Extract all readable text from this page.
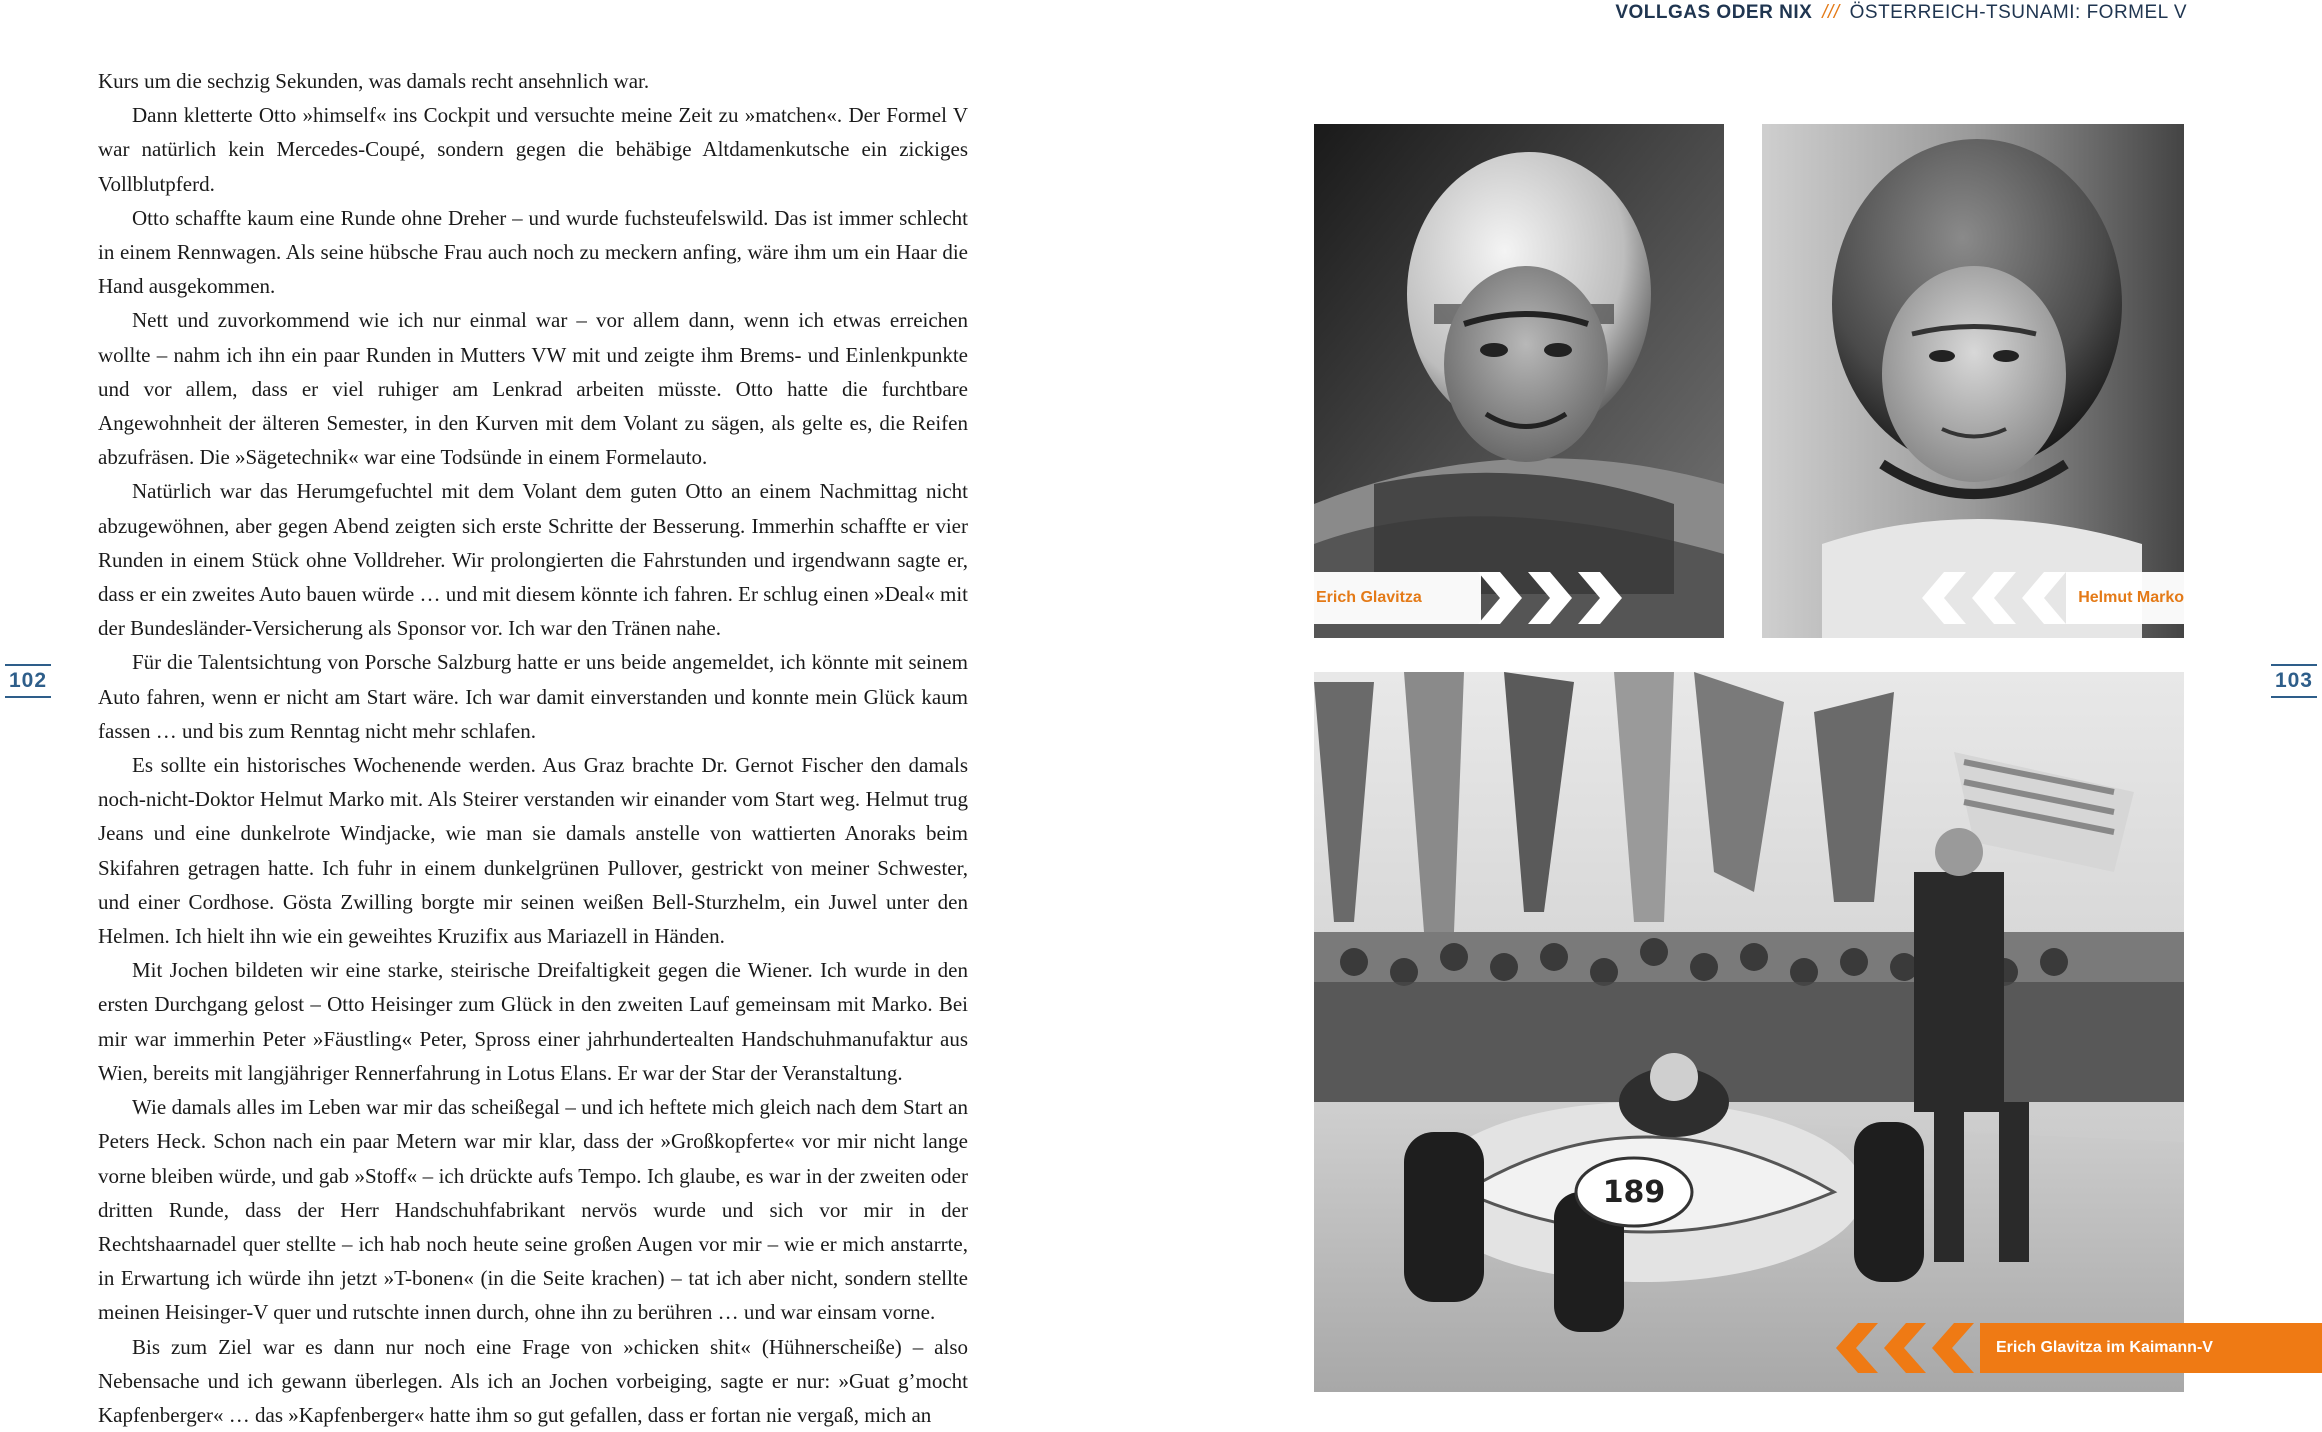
VOLLGAS ODER NIX /// ÖSTERREICH-TSUNAMI: FORMEL V
102	103

Kurs um die sechzig Sekunden, was damals recht ansehnlich war.

Dann kletterte Otto »himself« ins Cockpit und versuchte meine Zeit zu »matchen«. Der Formel V war natürlich kein Mercedes-Coupé, sondern gegen die behäbige Altdamenkutsche ein zickiges Vollblutpferd.

Otto schaffte kaum eine Runde ohne Dreher – und wurde fuchsteufelswild. Das ist immer schlecht in einem Rennwagen. Als seine hübsche Frau auch noch zu meckern anfing, wäre ihm um ein Haar die Hand ausgekommen.

Nett und zuvorkommend wie ich nur einmal war – vor allem dann, wenn ich etwas erreichen wollte – nahm ich ihn ein paar Runden in Mutters VW mit und zeigte ihm Brems- und Einlenkpunkte und vor allem, dass er viel ruhiger am Lenkrad arbeiten müsste. Otto hatte die furchtbare Angewohnheit der älteren Semester, in den Kurven mit dem Volant zu sägen, als gelte es, die Reifen abzufräsen. Die »Sägetechnik« war eine Todsünde in einem Formelauto.

Natürlich war das Herumgefuchtel mit dem Volant dem guten Otto an einem Nachmittag nicht abzugewöhnen, aber gegen Abend zeigten sich erste Schritte der Besserung. Immerhin schaffte er vier Runden in einem Stück ohne Volldreher. Wir prolongierten die Fahrstunden und irgendwann sagte er, dass er ein zweites Auto bauen würde … und mit diesem könnte ich fahren. Er schlug einen »Deal« mit der Bundesländer-Versicherung als Sponsor vor. Ich war den Tränen nahe.

Für die Talentsichtung von Porsche Salzburg hatte er uns beide angemeldet, ich könnte mit seinem Auto fahren, wenn er nicht am Start wäre. Ich war damit einverstanden und konnte mein Glück kaum fassen … und bis zum Renntag nicht mehr schlafen.

Es sollte ein historisches Wochenende werden. Aus Graz brachte Dr. Gernot Fischer den damals noch-nicht-Doktor Helmut Marko mit. Als Steirer verstanden wir einander vom Start weg. Helmut trug Jeans und eine dunkelrote Windjacke, wie man sie damals anstelle von wattierten Anoraks beim Skifahren getragen hatte. Ich fuhr in einem dunkelgrünen Pullover, gestrickt von meiner Schwester, und einer Cordhose. Gösta Zwilling borgte mir seinen weißen Bell-Sturzhelm, ein Juwel unter den Helmen. Ich hielt ihn wie ein geweihtes Kruzifix aus Mariazell in Händen.

Mit Jochen bildeten wir eine starke, steirische Dreifaltigkeit gegen die Wiener. Ich wurde in den ersten Durchgang gelost – Otto Heisinger zum Glück in den zweiten Lauf gemeinsam mit Marko. Bei mir war immerhin Peter »Fäustling« Peter, Spross einer jahrhundertealten Handschuhmanufaktur aus Wien, bereits mit langjähriger Rennerfahrung in Lotus Elans. Er war der Star der Veranstaltung.

Wie damals alles im Leben war mir das scheißegal – und ich heftete mich gleich nach dem Start an Peters Heck. Schon nach ein paar Metern war mir klar, dass der »Großkopferte« vor mir nicht lange vorne bleiben würde, und gab »Stoff« – ich drückte aufs Tempo. Ich glaube, es war in der zweiten oder dritten Runde, dass der Herr Handschuhfabrikant nervös wurde und sich vor mir in der Rechtshaarnadel quer stellte – ich hab noch heute seine großen Augen vor mir – wie er mich anstarrte, in Erwartung ich würde ihn jetzt »T-bonen« (in die Seite krachen) – tat ich aber nicht, sondern stellte meinen Heisinger-V quer und rutschte innen durch, ohne ihn zu berühren … und war einsam vorne.

Bis zum Ziel war es dann nur noch eine Frage von »chicken shit« (Hühnerscheiße) – also Nebensache und ich gewann überlegen. Als ich an Jochen vorbeiging, sagte er nur: »Guat g’mocht Kapfenberger« … das »Kapfenberger« hatte ihm so gut gefallen, dass er fortan nie vergaß, mich an

Erich Glavitza	Helmut Marko
189
Erich Glavitza im Kaimann-V
